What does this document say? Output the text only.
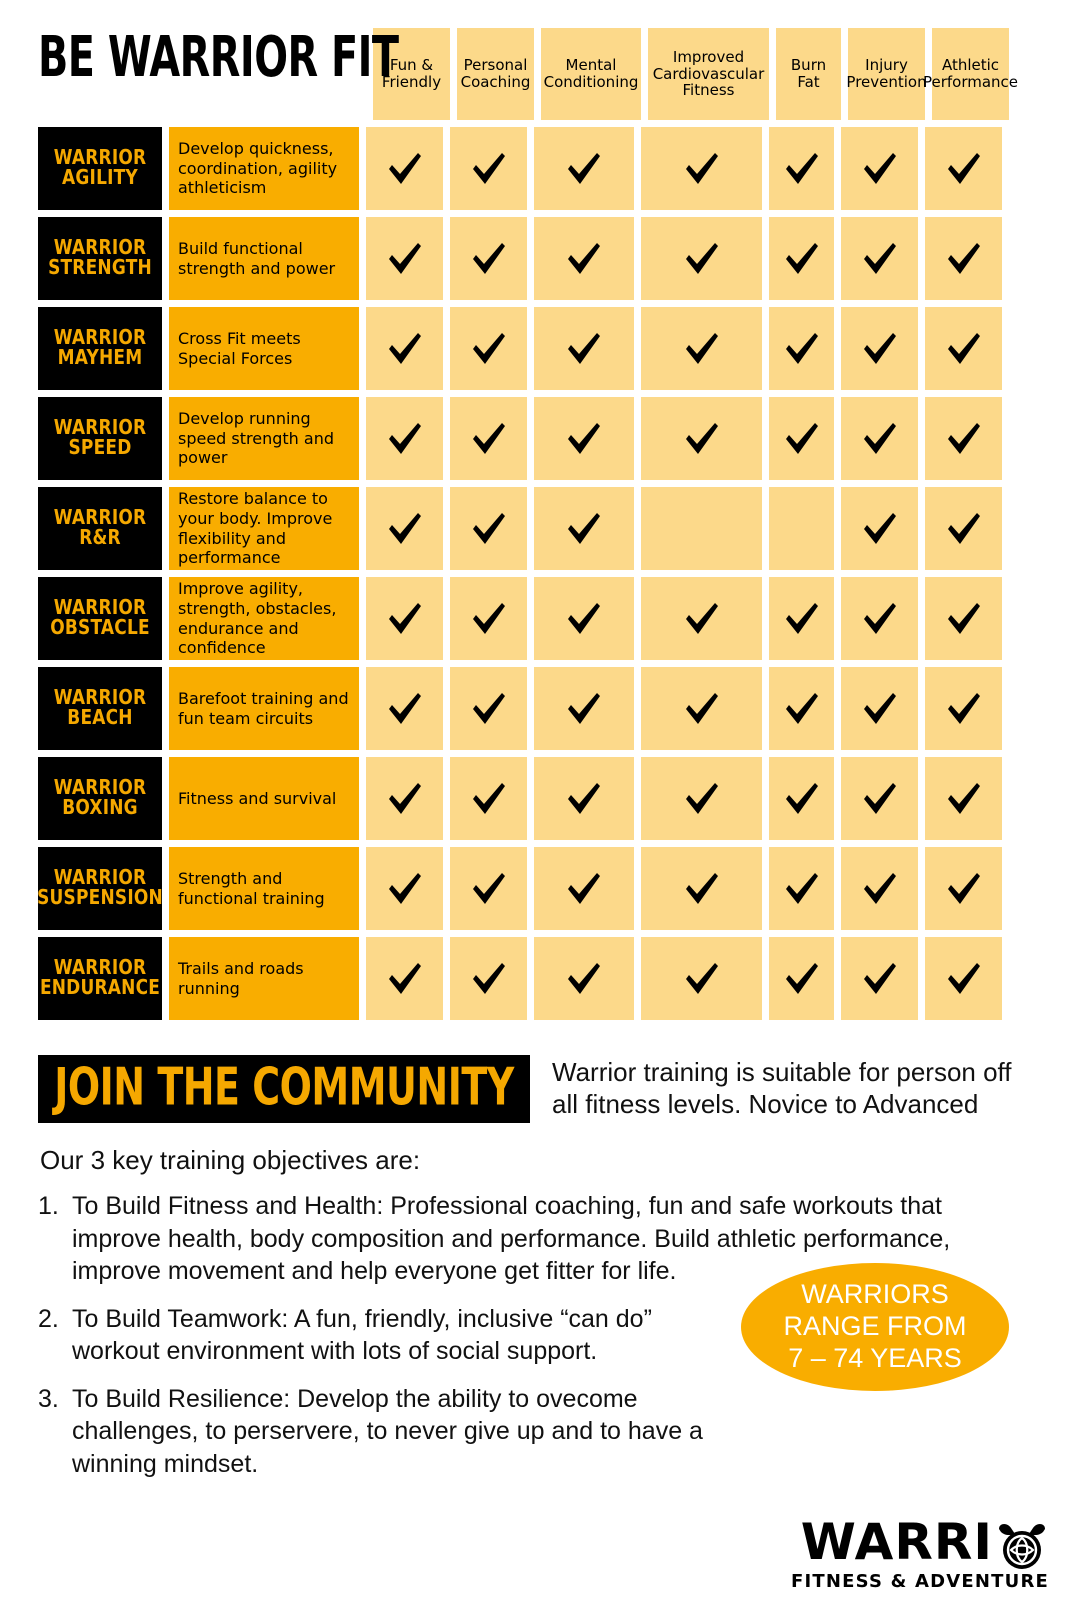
BE WARRIOR FIT
Fun &
Friendly
Personal
Coaching
Mental
Conditioning
Improved
Cardiovascular
Fitness
Burn
Fat
Injury
Prevention
Athletic
Performance
WARRIOR
AGILITY
Develop quickness, coordination, agility athleticism
WARRIOR
STRENGTH
Build functional strength and power
WARRIOR
MAYHEM
Cross Fit meets Special Forces
WARRIOR
SPEED
Develop running speed strength and power
WARRIOR
R&R
Restore balance to your body. Improve flexibility and performance
WARRIOR
OBSTACLE
Improve agility, strength, obstacles, endurance and confidence
WARRIOR
BEACH
Barefoot training and fun team circuits
WARRIOR
BOXING	Fitness and survival
WARRIOR
SUSPENSION
Strength and functional training
WARRIOR
ENDURANCE
Trails and roads running
JOIN THE COMMUNITY Warrior training is suitable for person off all fitness levels. Novice to Advanced
Our 3 key training objectives are:
1. To Build Fitness and Health: Professional coaching, fun and safe workouts that improve health, body composition and performance. Build athletic performance, improve movement and help everyone get fitter for life.
2. To Build Teamwork: A fun, friendly, inclusive “can do” workout environment with lots of social support.
3. To Build Resilience: Develop the ability to ovecome challenges, to perservere, to never give up and to have a winning mindset.
WARRIORS
RANGE FROM
7 – 74 YEARS
WARRI
FITNESS & ADVENTURE
